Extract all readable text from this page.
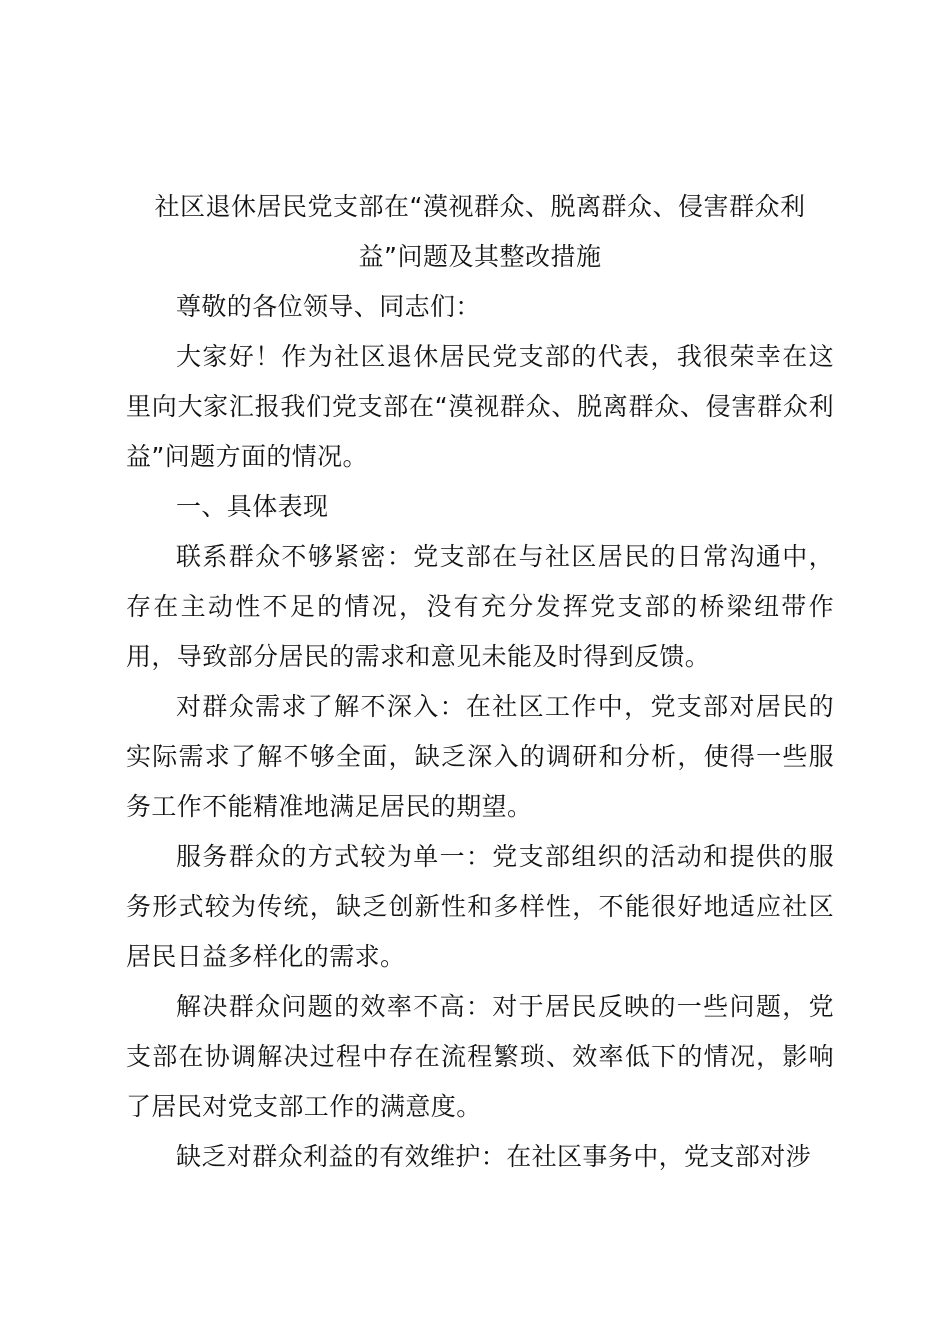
社区退休居民党支部在“漠视群众、脱离群众、侵害群众利益”问题及其整改措施

尊敬的各位领导、同志们：

大家好！作为社区退休居民党支部的代表，我很荣幸在这里向大家汇报我们党支部在“漠视群众、脱离群众、侵害群众利益”问题方面的情况。

一、具体表现

联系群众不够紧密：党支部在与社区居民的日常沟通中，存在主动性不足的情况，没有充分发挥党支部的桥梁纽带作用，导致部分居民的需求和意见未能及时得到反馈。

对群众需求了解不深入：在社区工作中，党支部对居民的实际需求了解不够全面，缺乏深入的调研和分析，使得一些服务工作不能精准地满足居民的期望。

服务群众的方式较为单一：党支部组织的活动和提供的服务形式较为传统，缺乏创新性和多样性，不能很好地适应社区居民日益多样化的需求。

解决群众问题的效率不高：对于居民反映的一些问题，党支部在协调解决过程中存在流程繁琐、效率低下的情况，影响了居民对党支部工作的满意度。

缺乏对群众利益的有效维护：在社区事务中，党支部对涉
